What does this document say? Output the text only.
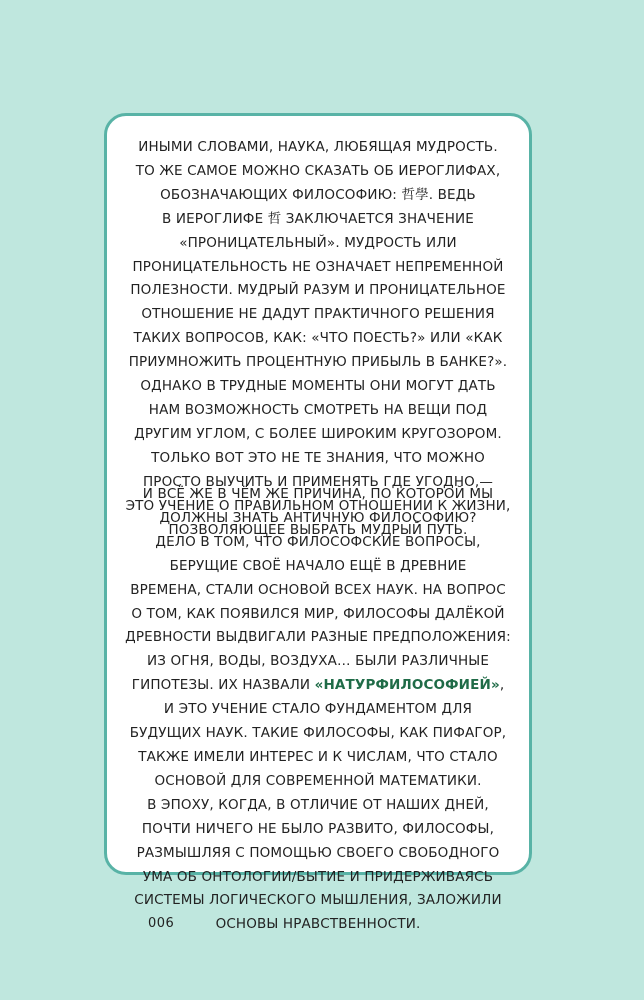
ИНЫМИ СЛОВАМИ, НАУКА, ЛЮБЯЩАЯ МУДРОСТЬ.
ТО ЖЕ САМОЕ МОЖНО СКАЗАТЬ ОБ ИЕРОГЛИФАХ,
ОБОЗНАЧАЮЩИХ ФИЛОСОФИЮ: 哲學. ВЕДЬ
В ИЕРОГЛИФЕ 哲 ЗАКЛЮЧАЕТСЯ ЗНАЧЕНИЕ
«ПРОНИЦАТЕЛЬНЫЙ». МУДРОСТЬ ИЛИ
ПРОНИЦАТЕЛЬНОСТЬ НЕ ОЗНАЧАЕТ НЕПРЕМЕННОЙ
ПОЛЕЗНОСТИ. МУДРЫЙ РАЗУМ И ПРОНИЦАТЕЛЬНОЕ
ОТНОШЕНИЕ НЕ ДАДУТ ПРАКТИЧНОГО РЕШЕНИЯ
ТАКИХ ВОПРОСОВ, КАК: «ЧТО ПОЕСТЬ?» ИЛИ «КАК
ПРИУМНОЖИТЬ ПРОЦЕНТНУЮ ПРИБЫЛЬ В БАНКЕ?».
ОДНАКО В ТРУДНЫЕ МОМЕНТЫ ОНИ МОГУТ ДАТЬ
НАМ ВОЗМОЖНОСТЬ СМОТРЕТЬ НА ВЕЩИ ПОД
ДРУГИМ УГЛОМ, С БОЛЕЕ ШИРОКИМ КРУГОЗОРОМ.
ТОЛЬКО ВОТ ЭТО НЕ ТЕ ЗНАНИЯ, ЧТО МОЖНО
ПРОСТО ВЫУЧИТЬ И ПРИМЕНЯТЬ ГДЕ УГОДНО,—
ЭТО УЧЕНИЕ О ПРАВИЛЬНОМ ОТНОШЕНИИ К ЖИЗНИ,
ПОЗВОЛЯЮЩЕЕ ВЫБРАТЬ МУДРЫЙ ПУТЬ.
И ВСЁ ЖЕ В ЧЁМ ЖЕ ПРИЧИНА, ПО КОТОРОЙ МЫ
ДОЛЖНЫ ЗНАТЬ АНТИЧНУЮ ФИЛОСОФИЮ?
ДЕЛО В ТОМ, ЧТО ФИЛОСОФСКИЕ ВОПРОСЫ,
БЕРУЩИЕ СВОЁ НАЧАЛО ЕЩЁ В ДРЕВНИЕ
ВРЕМЕНА, СТАЛИ ОСНОВОЙ ВСЕХ НАУК. НА ВОПРОС
О ТОМ, КАК ПОЯВИЛСЯ МИР, ФИЛОСОФЫ ДАЛЁКОЙ
ДРЕВНОСТИ ВЫДВИГАЛИ РАЗНЫЕ ПРЕДПОЛОЖЕНИЯ:
ИЗ ОГНЯ, ВОДЫ, ВОЗДУХА… БЫЛИ РАЗЛИЧНЫЕ
ГИПОТЕЗЫ. ИХ НАЗВАЛИ «НАТУРФИЛОСОФИЕЙ»,
И ЭТО УЧЕНИЕ СТАЛО ФУНДАМЕНТОМ ДЛЯ
БУДУЩИХ НАУК. ТАКИЕ ФИЛОСОФЫ, КАК ПИФАГОР,
ТАКЖЕ ИМЕЛИ ИНТЕРЕС И К ЧИСЛАМ, ЧТО СТАЛО
ОСНОВОЙ ДЛЯ СОВРЕМЕННОЙ МАТЕМАТИКИ.
В ЭПОХУ, КОГДА, В ОТЛИЧИЕ ОТ НАШИХ ДНЕЙ,
ПОЧТИ НИЧЕГО НЕ БЫЛО РАЗВИТО, ФИЛОСОФЫ,
РАЗМЫШЛЯЯ С ПОМОЩЬЮ СВОЕГО СВОБОДНОГО
УМА ОБ ОНТОЛОГИИ/БЫТИЕ И ПРИДЕРЖИВАЯСЬ
СИСТЕМЫ ЛОГИЧЕСКОГО МЫШЛЕНИЯ, ЗАЛОЖИЛИ
ОСНОВЫ НРАВСТВЕННОСТИ.
006
